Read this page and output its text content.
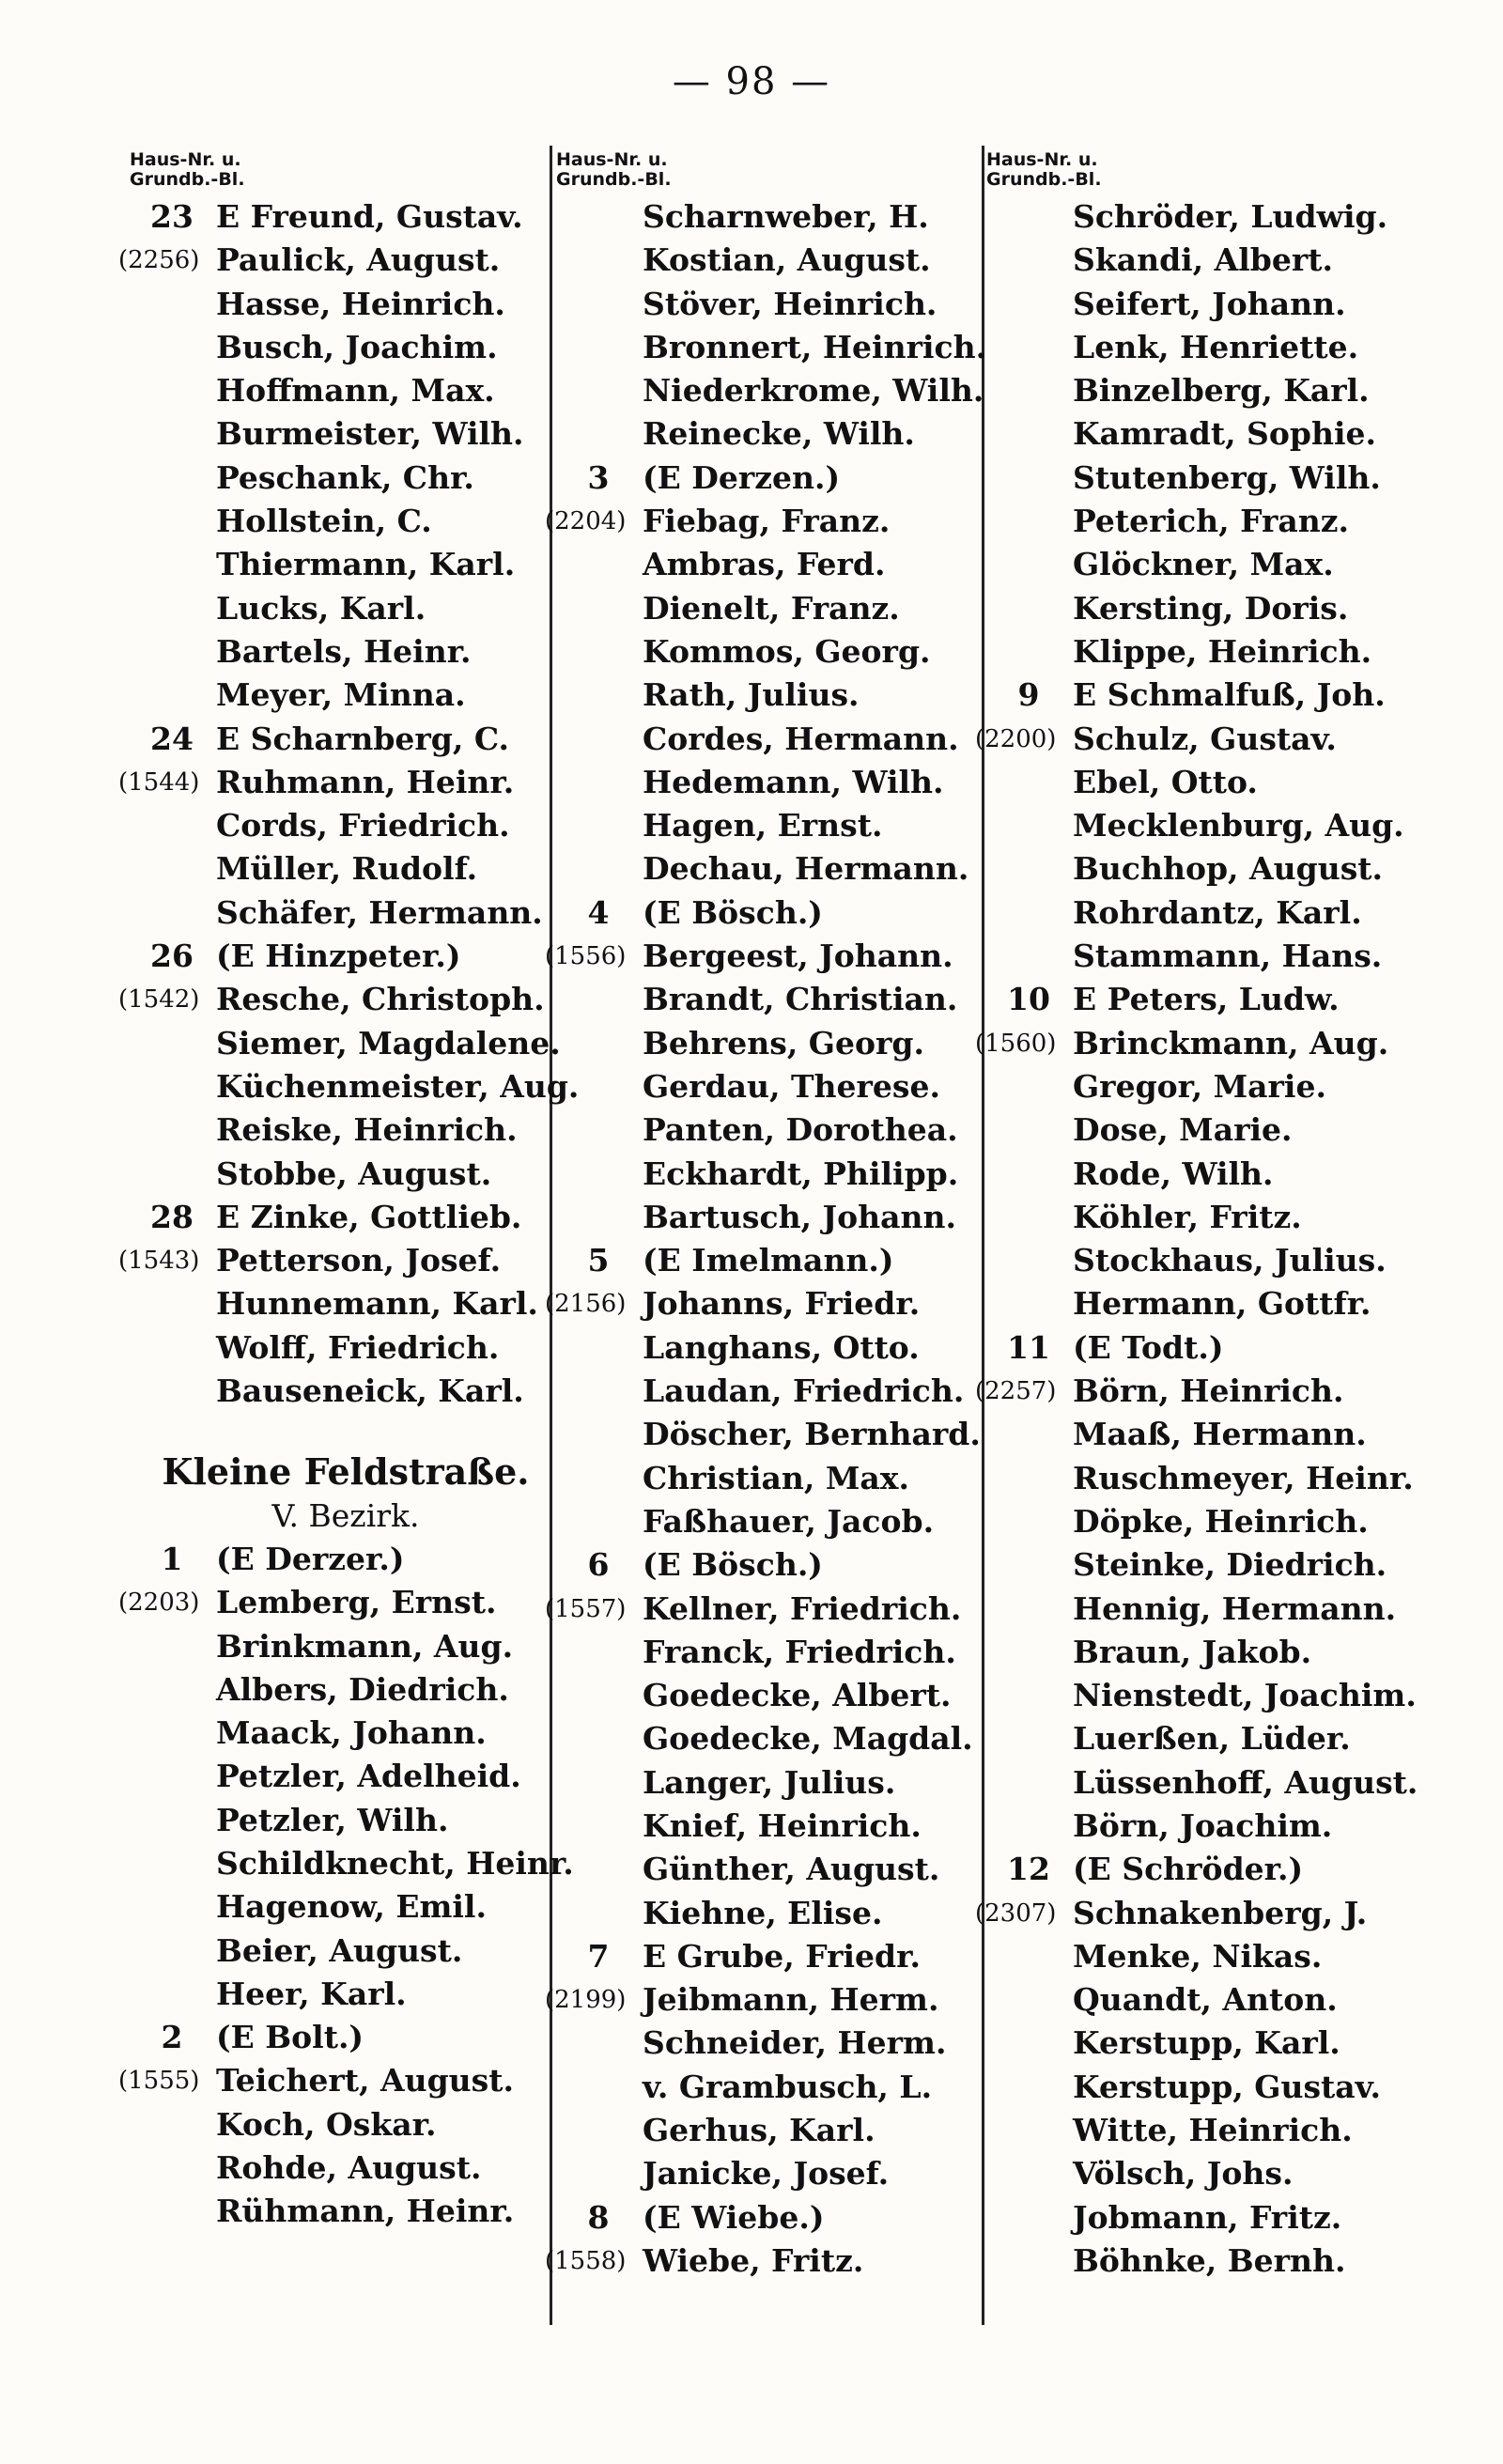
— 98 —
Haus-Nr. u.
Grundb.-Bl.
23 E Freund, Gustav.
(2256) Paulick, August.
Hasse, Heinrich.
Busch, Joachim.
Hoffmann, Max.
Burmeister, Wilh.
Peschank, Chr.
Hollstein, C.
Thiermann, Karl.
Lucks, Karl.
Bartels, Heinr.
Meyer, Minna.
24 E Scharnberg, C.
(1544) Ruhmann, Heinr.
Cords, Friedrich.
Müller, Rudolf.
Schäfer, Hermann.
26 (E Hinzpeter.)
(1542) Resche, Christoph.
Siemer, Magdalene.
Küchenmeister, Aug.
Reiske, Heinrich.
Stobbe, August.
28 E Zinke, Gottlieb.
(1543) Petterson, Josef.
Hunnemann, Karl.
Wolff, Friedrich.
Bauseneick, Karl.
Kleine Feldstraße.
V. Bezirk.
1	(E Derzer.)
(2203) Lemberg, Ernst.
Brinkmann, Aug.
Albers, Diedrich.
Maack, Johann.
Petzler, Adelheid.
Petzler, Wilh.
Schildknecht, Heinr.
Hagenow, Emil.
Beier, August.
Heer, Karl.
2	(E Bolt.)
(1555) Teichert, August.
Koch, Oskar.
Rohde, August.
Rühmann, Heinr.
Haus-Nr. u.
Grundb.-Bl.
Scharnweber, H.
Kostian, August.
Stöver, Heinrich.
Bronnert, Heinrich.
Niederkrome, Wilh.
Reinecke, Wilh.
3	(E Derzen.)
(2204) Fiebag, Franz.
Ambras, Ferd.
Dienelt, Franz.
Kommos, Georg.
Rath, Julius.
Cordes, Hermann.
Hedemann, Wilh.
Hagen, Ernst.
Dechau, Hermann.
4	(E Bösch.)
(1556) Bergeest, Johann.
Brandt, Christian.
Behrens, Georg.
Gerdau, Therese.
Panten, Dorothea.
Eckhardt, Philipp.
Bartusch, Johann.
5	(E Imelmann.)
(2156) Johanns, Friedr.
Langhans, Otto.
Laudan, Friedrich.
Döscher, Bernhard.
Christian, Max.
Faßhauer, Jacob.
6	(E Bösch.)
(1557) Kellner, Friedrich.
Franck, Friedrich.
Goedecke, Albert.
Goedecke, Magdal.
Langer, Julius.
Knief, Heinrich.
Günther, August.
Kiehne, Elise.
7	E Grube, Friedr.
(2199) Jeibmann, Herm.
Schneider, Herm.
v. Grambusch, L.
Gerhus, Karl.
Janicke, Josef.
8	(E Wiebe.)
(1558) Wiebe, Fritz.
Haus-Nr. u.
Grundb.-Bl.
Schröder, Ludwig.
Skandi, Albert.
Seifert, Johann.
Lenk, Henriette.
Binzelberg, Karl.
Kamradt, Sophie.
Stutenberg, Wilh.
Peterich, Franz.
Glöckner, Max.
Kersting, Doris.
Klippe, Heinrich.
9	E Schmalfuß, Joh.
(2200) Schulz, Gustav.
Ebel, Otto.
Mecklenburg, Aug.
Buchhop, August.
Rohrdantz, Karl.
Stammann, Hans.
10 E Peters, Ludw.
(1560) Brinckmann, Aug.
Gregor, Marie.
Dose, Marie.
Rode, Wilh.
Köhler, Fritz.
Stockhaus, Julius.
Hermann, Gottfr.
11 (E Todt.)
(2257) Börn, Heinrich.
Maaß, Hermann.
Ruschmeyer, Heinr.
Döpke, Heinrich.
Steinke, Diedrich.
Hennig, Hermann.
Braun, Jakob.
Nienstedt, Joachim.
Luerßen, Lüder.
Lüssenhoff, August.
Börn, Joachim.
12 (E Schröder.)
(2307) Schnakenberg, J.
Menke, Nikas.
Quandt, Anton.
Kerstupp, Karl.
Kerstupp, Gustav.
Witte, Heinrich.
Völsch, Johs.
Jobmann, Fritz.
Böhnke, Bernh.
